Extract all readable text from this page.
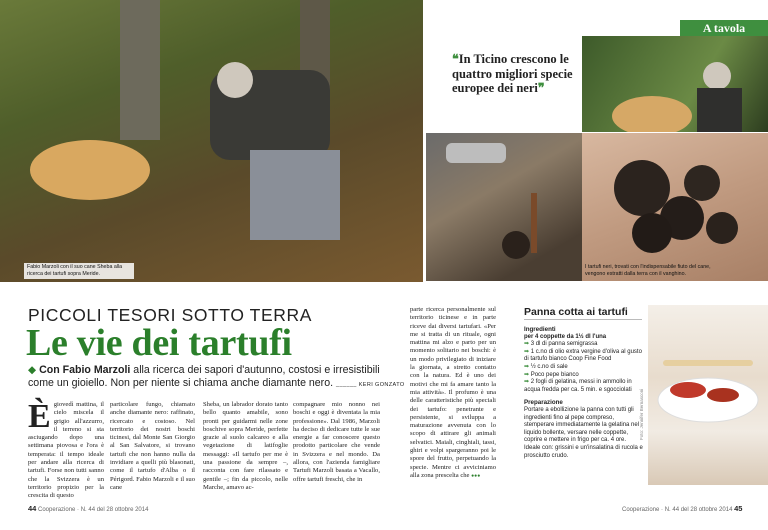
Fabio Marzoli con il suo cane Sheba alla ricerca dei tartufi sopra Meride.
A tavola
❝In Ticino crescono le quattro migliori specie europee dei neri❞
I tartufi neri, trovati con l'indispensabile fiuto del cane, vengono estratti dalla terra con il vanghino.
PICCOLI TESORI SOTTO TERRA
Le vie dei tartufi
◆ Con Fabio Marzoli alla ricerca dei sapori d'autunno, costosi e irresistibili come un gioiello. Non per niente si chiama anche diamante nero. ______ KERI GONZATO
È giovedì mattina, il cielo miscela il grigio all'azzurro, il terreno si sta asciugando dopo una settimana piovosa e l'ora è temperata: il tempo ideale per andare alla ricerca di tartufi. Forse non tutti sanno che la Svizzera è un territorio propizio per la crescita di questo
particolare fungo, chiamato anche diamante nero: raffinato, ricercato e costoso. Nel territorio dei nostri boschi ticinesi, dal Monte San Giorgio al San Salvatore, si trovano tartufi che non hanno nulla da invidiare a quelli più blasonati, come il tartufo d'Alba o il Périgord. Fabio Marzoli e il suo cane
Sheba, un labrador dorato tanto bello quanto amabile, sono pronti per guidarmi nelle zone boschive sopra Meride, perfette grazie al suolo calcareo e alla vegetazione di latifoglie messaggi: «Il tartufo per me è una passione da sempre –, racconta con fare rilassato e gentile –; fin da piccolo, nelle Marche, amavo ac-
compagnare mio nonno nei boschi e oggi è diventata la mia professione». Dal 1986, Marzoli ha deciso di dedicare tutte le sue energie a far conoscere questo prodotto particolare che vende in Svizzera e nel mondo. Da allora, con l'azienda famigliare Tartufi Marzoli basata a Vacallo, offre tartufi freschi, che in
parte ricerca personalmente sul territorio ticinese e in parte riceve dai diversi tartufari. «Per me si tratta di un rituale, ogni mattina mi alzo e parto per un momento solitario nei boschi: è un modo privilegiato di iniziare la giornata, a stretto contatto con la natura. Ed è uno dei motivi che mi fa amare tanto la mia attività». Il profumo è una delle caratteristiche più speciali dei tartufo: penetrante e persistente, si sviluppa a maturazione avvenuta con lo scopo di attirare gli animali selvatici. Maiali, cinghiali, tassi, ghiri e volpi spargeranno poi le spore del frutto, perpetuando la specie. Mentre ci avviciniamo alla zona prescelta che ●●●
Panna cotta ai tartufi
Ingredienti
per 4 coppette da 1½ dl l'una
➡ 3 dl di panna semigrassa
➡ 1 c.no di olio extra vergine d'oliva al gusto di tartufo bianco Coop Fine Food
➡ ½ c.no di sale
➡ Poco pepe bianco
➡ 2 fogli di gelatina, messi in ammollo in acqua fredda per ca. 5 min. e sgocciolati
Preparazione
Portare a ebollizione la panna con tutti gli ingredienti fino al pepe compreso, stemperare immediatamente la gelatina nel liquido bollente, versare nelle coppette, coprire e mettere in frigo per ca. 4 ore. Ideale con: grissini e un'insalatina di rucola e prosciutto crudo.
Foto: Jennifer Bernasconi
44 Cooperazione · N. 44 del 28 ottobre 2014	Cooperazione · N. 44 del 28 ottobre 2014 45
